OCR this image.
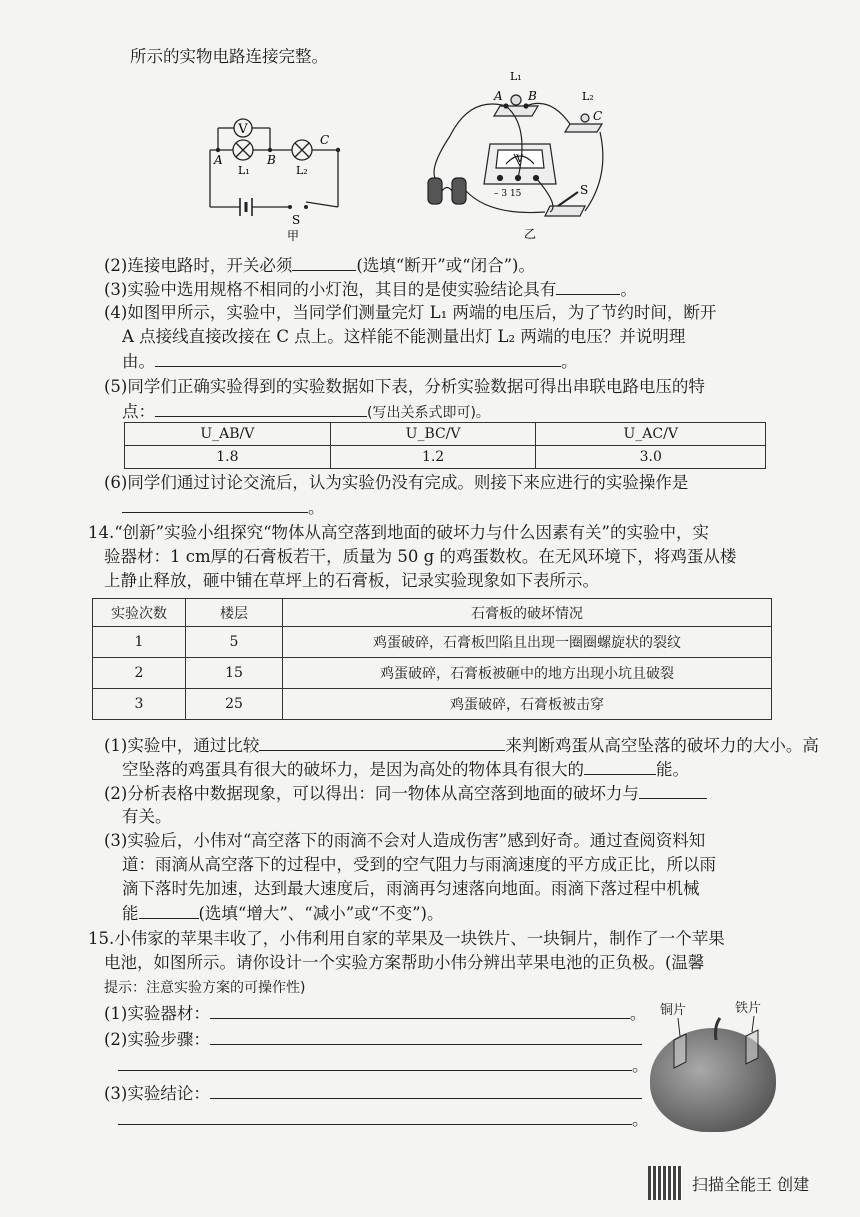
所示的实物电路连接完整。
V
A	B
C
L₁	L₂
S
甲
L₁
L₂
A B
C
V
– 3 15	S
乙
(2)连接电路时，开关必须	(选填“断开”或“闭合”)。
(3)实验中选用规格不相同的小灯泡，其目的是使实验结论具有	。
(4)如图甲所示，实验中，当同学们测量完灯 L₁ 两端的电压后，为了节约时间，断开
A 点接线直接改接在 C 点上。这样能不能测量出灯 L₂ 两端的电压？并说明理
由。	。
(5)同学们正确实验得到的实验数据如下表，分析实验数据可得出串联电路电压的特
点：	(写出关系式即可)。
U_AB/V	U_BC/V	U_AC/V
1.8	1.2	3.0
(6)同学们通过讨论交流后，认为实验仍没有完成。则接下来应进行的实验操作是
。
14.“创新”实验小组探究“物体从高空落到地面的破坏力与什么因素有关”的实验中，实
验器材：1 cm厚的石膏板若干，质量为 50 g 的鸡蛋数枚。在无风环境下，将鸡蛋从楼
上静止释放，砸中铺在草坪上的石膏板，记录实验现象如下表所示。
实验次数	楼层	石膏板的破坏情况
1	5	鸡蛋破碎，石膏板凹陷且出现一圈圈螺旋状的裂纹
2	15	鸡蛋破碎，石膏板被砸中的地方出现小坑且破裂
3	25	鸡蛋破碎，石膏板被击穿
(1)实验中，通过比较	来判断鸡蛋从高空坠落的破坏力的大小。高
空坠落的鸡蛋具有很大的破坏力，是因为高处的物体具有很大的	能。
(2)分析表格中数据现象，可以得出：同一物体从高空落到地面的破坏力与
有关。
(3)实验后，小伟对“高空落下的雨滴不会对人造成伤害”感到好奇。通过查阅资料知
道：雨滴从高空落下的过程中，受到的空气阻力与雨滴速度的平方成正比，所以雨
滴下落时先加速，达到最大速度后，雨滴再匀速落向地面。雨滴下落过程中机械
能	(选填“增大”、“减小”或“不变”)。
15.小伟家的苹果丰收了，小伟利用自家的苹果及一块铁片、一块铜片，制作了一个苹果
电池，如图所示。请你设计一个实验方案帮助小伟分辨出苹果电池的正负极。(温馨
提示：注意实验方案的可操作性)
(1)实验器材：	。
(2)实验步骤：
。
(3)实验结论：
。
铜片	铁片
扫描全能王 创建
